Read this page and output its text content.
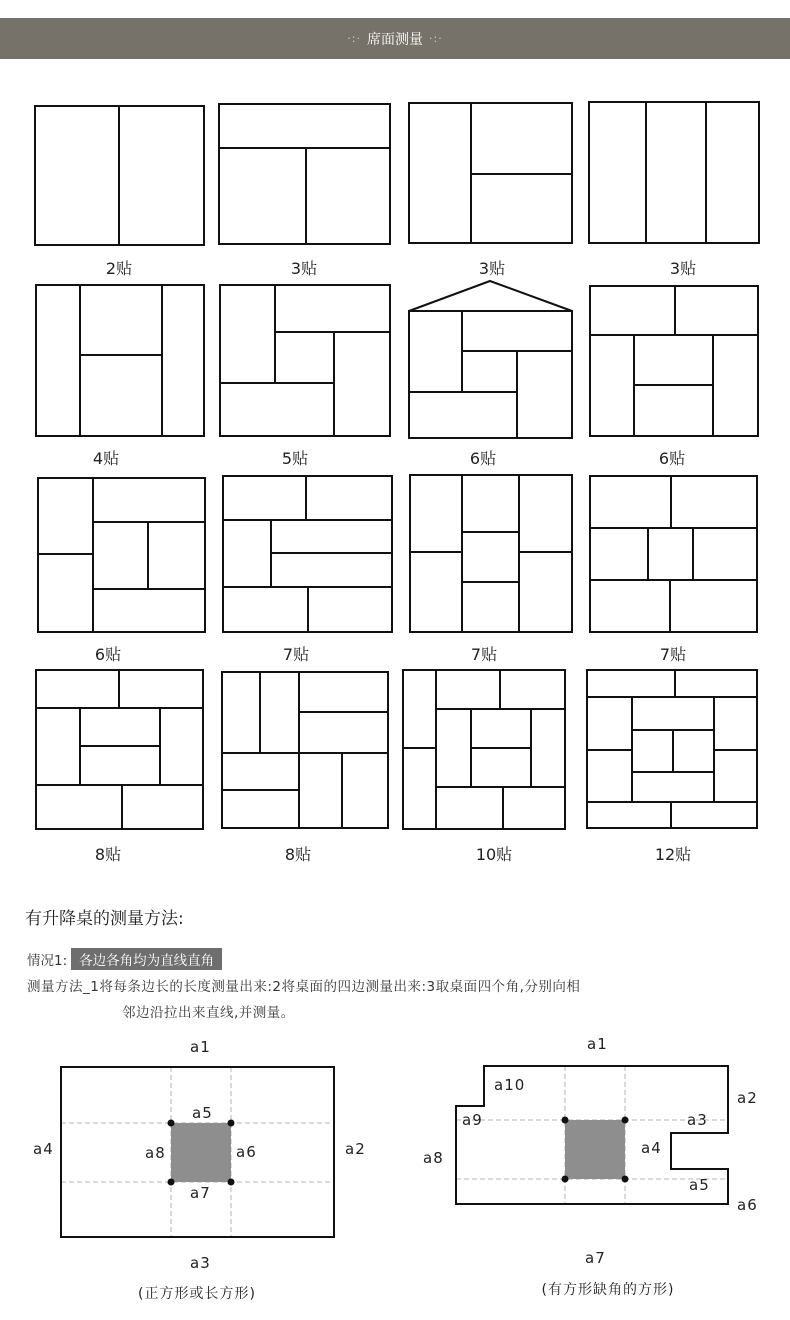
·:· 席面测量 ·:·
2贴	3贴	3贴	3贴
4贴	5贴	6贴	6贴
6贴	7贴	7贴	7贴
8贴	8贴	10贴	12贴
有升降桌的测量方法:
情况1: 各边各角均为直线直角
测量方法_1将每条边长的长度测量出来:2将桌面的四边测量出来:3取桌面四个角,分别向相
邻边沿拉出来直线,并测量。
a1
a2
a3
a4
a5
a6
a7
a8
(正方形或长方形)
a1
a2
a3
a4
a5
a6
a7
a8
a9
a10
(有方形缺角的方形)
